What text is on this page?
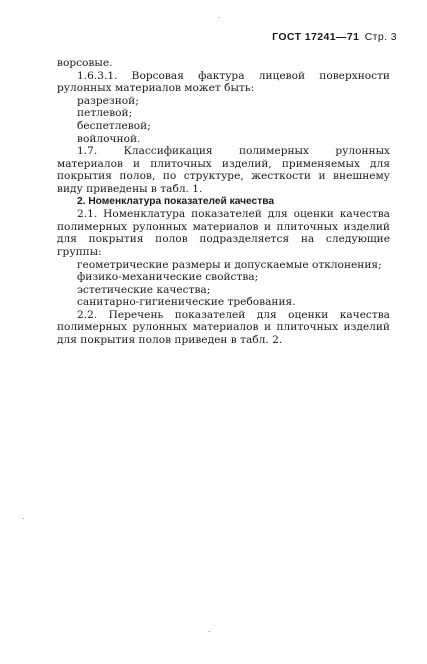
·
ГОСТ 17241—71 Стр. 3

ворсовые.

1.6.3.1. Ворсовая фактура лицевой поверхности рулонных материалов может быть:

разрезной;

петлевой;

беспетлевой;

войлочной.

1.7. Классификация полимерных рулонных материалов и плиточных изделий, применяемых для покрытия полов, по структуре, жесткости и внешнему виду приведены в табл. 1.

2. Номенклатура показателей качества

2.1. Номенклатура показателей для оценки качества полимерных рулонных материалов и плиточных изделий для покрытия полов подразделяется на следующие группы:

геометрические размеры и допускаемые отклонения;

физико-механические свойства;

эстетические качества;

санитарно-гигиенические требования.

2.2. Перечень показателей для оценки качества полимерных рулонных материалов и плиточных изделий для покрытия полов приведен в табл. 2.

·
·
